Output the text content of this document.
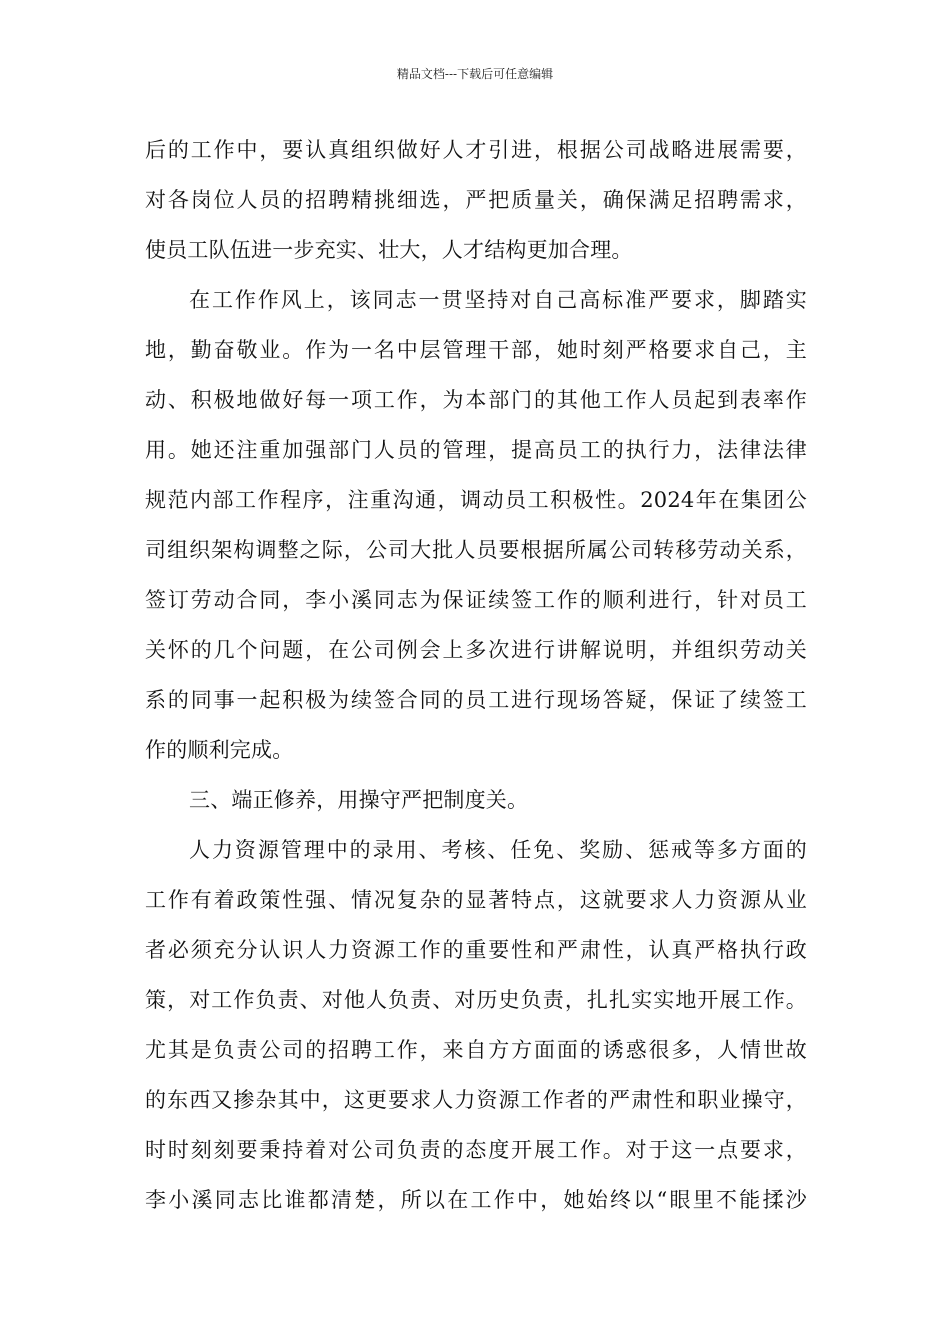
精品文档---下载后可任意编辑
后的工作中，要认真组织做好人才引进，根据公司战略进展需要，
对各岗位人员的招聘精挑细选，严把质量关，确保满足招聘需求，
使员工队伍进一步充实、壮大，人才结构更加合理。
在工作作风上，该同志一贯坚持对自己高标准严要求，脚踏实
地，勤奋敬业。作为一名中层管理干部，她时刻严格要求自己，主
动、积极地做好每一项工作，为本部门的其他工作人员起到表率作
用。她还注重加强部门人员的管理，提高员工的执行力，法律法律
规范内部工作程序，注重沟通，调动员工积极性。2024年在集团公
司组织架构调整之际，公司大批人员要根据所属公司转移劳动关系，
签订劳动合同，李小溪同志为保证续签工作的顺利进行，针对员工
关怀的几个问题，在公司例会上多次进行讲解说明，并组织劳动关
系的同事一起积极为续签合同的员工进行现场答疑，保证了续签工
作的顺利完成。
三、端正修养，用操守严把制度关。
人力资源管理中的录用、考核、任免、奖励、惩戒等多方面的
工作有着政策性强、情况复杂的显著特点，这就要求人力资源从业
者必须充分认识人力资源工作的重要性和严肃性，认真严格执行政
策，对工作负责、对他人负责、对历史负责，扎扎实实地开展工作。
尤其是负责公司的招聘工作，来自方方面面的诱惑很多，人情世故
的东西又掺杂其中，这更要求人力资源工作者的严肃性和职业操守，
时时刻刻要秉持着对公司负责的态度开展工作。对于这一点要求，
李小溪同志比谁都清楚，所以在工作中，她始终以“眼里不能揉沙
